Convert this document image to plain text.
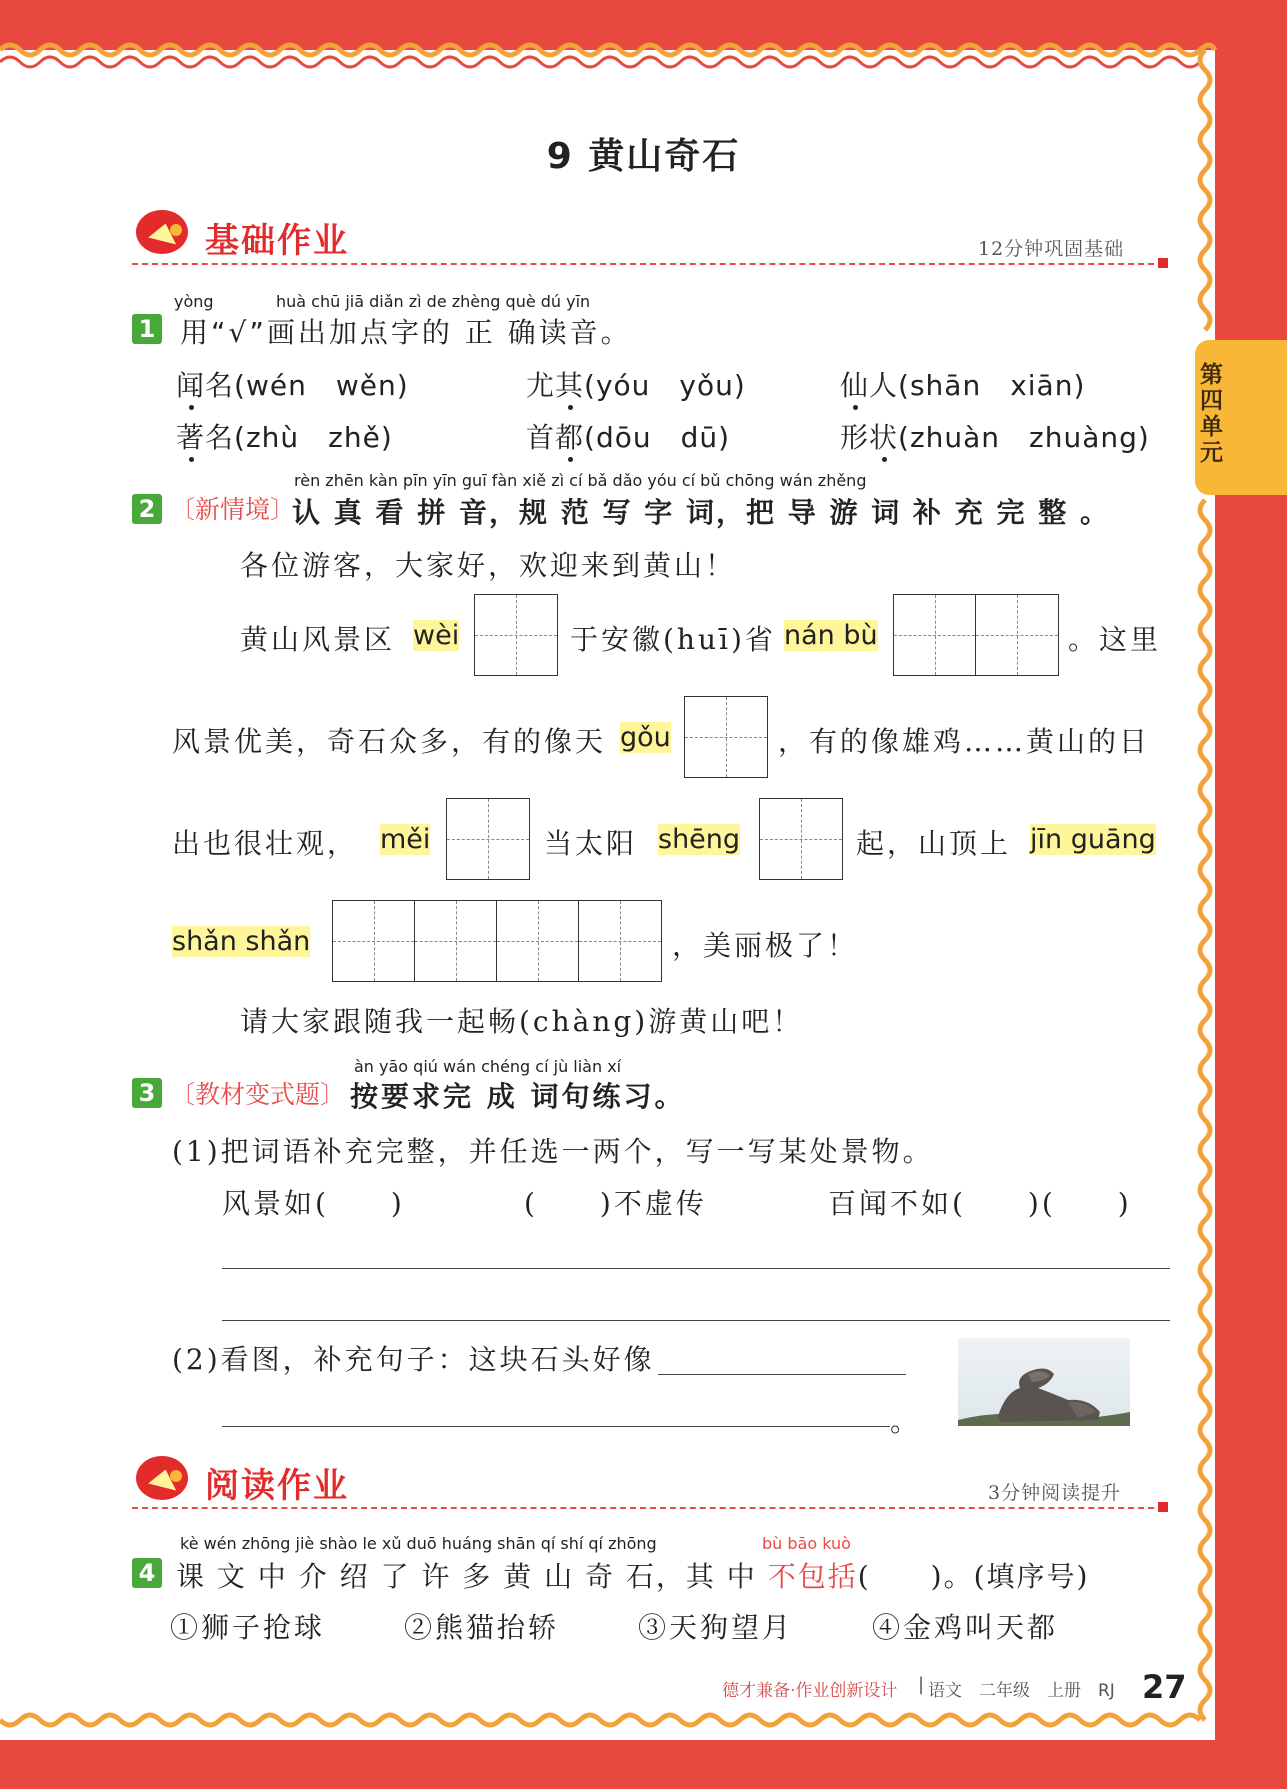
第四单元
9 黄山奇石
基础作业	12分钟巩固基础
yòng	huà chū jiā diǎn zì de zhèng què dú yīn
1 用“√”画出加点字的 正 确读音。
闻名(wén　wěn)	尤其(yóu　yǒu)	仙人(shān　xiān)
著名(zhù　zhě)	首都(dōu　dū)	形状(zhuàn　zhuàng)
rèn zhēn kàn pīn yīn guī fàn xiě zì cí bǎ dǎo yóu cí bǔ chōng wán zhěng
2 〔新情境〕
认 真 看 拼 音，规 范 写 字 词，把 导 游 词 补 充 完 整 。
各位游客，大家好，欢迎来到黄山！
黄山风景区 wèi	于安徽(huī)省 nán bù	。这里
风景优美，奇石众多，有的像天 gǒu	，有的像雄鸡……黄山的日
出也很壮观， měi	当太阳 shēng	起，山顶上 jīn guāng
shǎn shǎn	，美丽极了！
请大家跟随我一起畅(chàng)游黄山吧！
àn yāo qiú wán chéng cí jù liàn xí
3 〔教材变式题〕 按要求完 成 词句练习。
(1)把词语补充完整，并任选一两个，写一写某处景物。
风景如(　　)	(　　)不虚传	百闻不如(　　)(　　)
(2)看图，补充句子：这块石头好像
。
阅读作业	3分钟阅读提升
kè wén zhōng jiè shào le xǔ duō huáng shān qí shí qí zhōng	bù bāo kuò
4 课 文 中 介 绍 了 许 多 黄 山 奇 石，其 中 不包括(　　)。(填序号)
①狮子抢球	②熊猫抬轿	③天狗望月	④金鸡叫天都
德才兼备·作业创新设计 | 语文　二年级　上册　RJ 27
